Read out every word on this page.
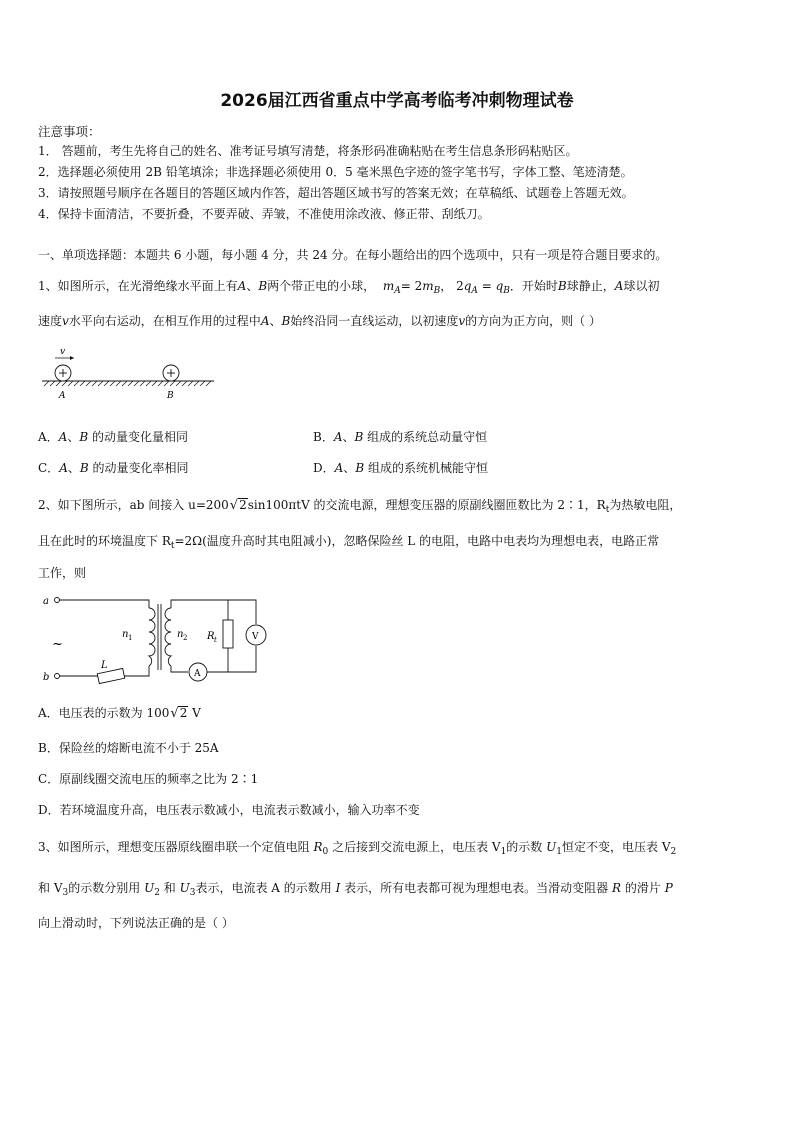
2026届江西省重点中学高考临考冲刺物理试卷
注意事项：
1． 答题前，考生先将自己的姓名、准考证号填写清楚，将条形码准确粘贴在考生信息条形码粘贴区。
2．选择题必须使用 2B 铅笔填涂；非选择题必须使用 0．5 毫米黑色字迹的签字笔书写，字体工整、笔迹清楚。
3．请按照题号顺序在各题目的答题区域内作答，超出答题区域书写的答案无效；在草稿纸、试题卷上答题无效。
4．保持卡面清洁，不要折叠，不要弄破、弄皱，不准使用涂改液、修正带、刮纸刀。
一、单项选择题：本题共 6 小题，每小题 4 分，共 24 分。在每小题给出的四个选项中，只有一项是符合题目要求的。
1、如图所示，在光滑绝缘水平面上有A、B两个带正电的小球， $m_A= 2m_B$， $2q_A = q_B$．开始时B球静止，A球以初
速度v水平向右运动，在相互作用的过程中A、B始终沿同一直线运动，以初速度v的方向为正方向，则（ ）
v
A	B
A．A、B 的动量变化量相同	B．A、B 组成的系统总动量守恒
C．A、B 的动量变化率相同	D．A、B 组成的系统机械能守恒
2、如下图所示，ab 间接入 u=200 √ 2sin100πtV 的交流电源，理想变压器的原副线圈匝数比为 2∶1，$R_t$为热敏电阻，
且在此时的环境温度下 $R_t=2\Omega$(温度升高时其电阻减小)，忽略保险丝 L 的电阻，电路中电表均为理想电表，电路正常
工作，则
a
b
~
n 1	n 2 R t
L
A
V
A．电压表的示数为 100 √ 2 V
B．保险丝的熔断电流不小于 25A
C．原副线圈交流电压的频率之比为 2∶1
D．若环境温度升高，电压表示数减小，电流表示数减小，输入功率不变
3、如图所示，理想变压器原线圈串联一个定值电阻 $R_0$ 之后接到交流电源上，电压表 $V_1$的示数 $U_1$恒定不变，电压表 $V_2$
和 $V_3$的示数分别用 $U_2$ 和 $U_3$表示，电流表 A 的示数用 I 表示，所有电表都可视为理想电表。当滑动变阻器 R 的滑片 P
向上滑动时，下列说法正确的是（ ）
